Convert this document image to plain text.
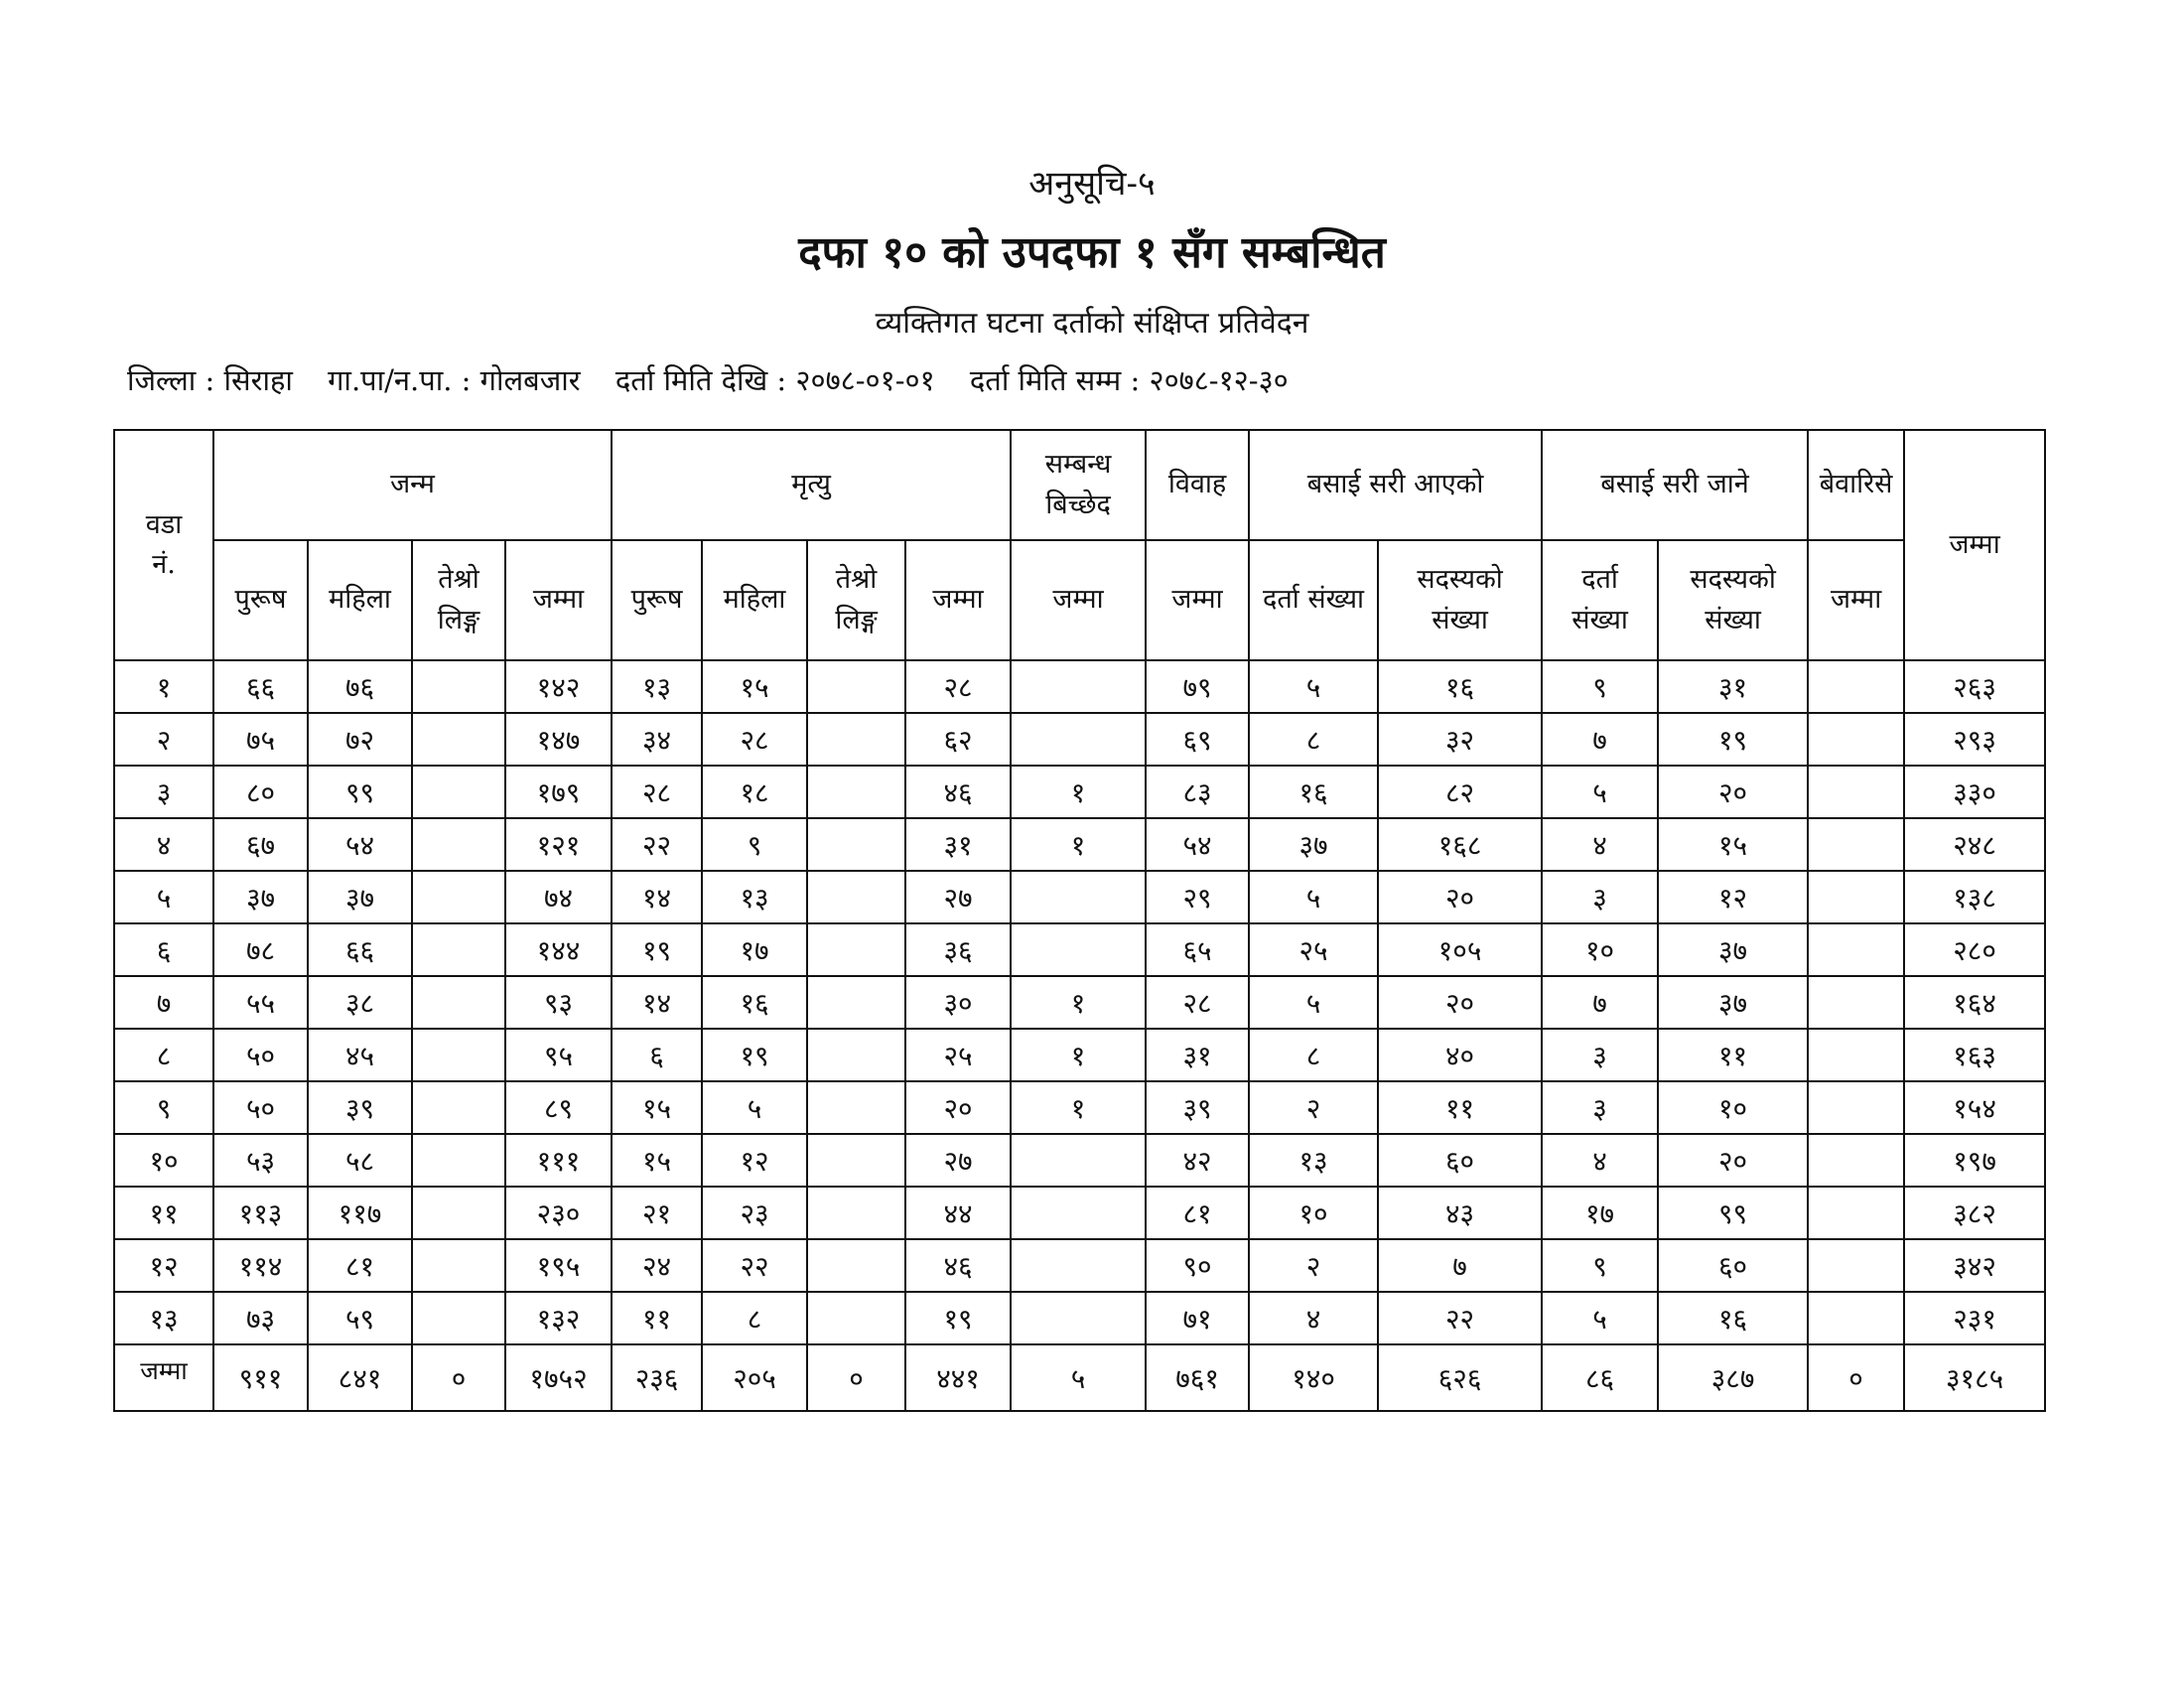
अनुसूचि-५
दफा १० को उपदफा १ सँग सम्बन्धित
व्यक्तिगत घटना दर्ताको संक्षिप्त प्रतिवेदन
जिल्ला : सिराहा गा.पा/न.पा. : गोलबजार दर्ता मिति देखि : २०७८-०१-०१ दर्ता मिति सम्म : २०७८-१२-३०
वडा नं.	जन्म				मृत्यु				सम्बन्ध बिच्छेद	विवाह	बसाई सरी आएको		बसाई सरी जाने		बेवारिसे	जम्मा
	पुरूष	महिला	तेश्रो लिङ्ग	जम्मा	पुरूष	महिला	तेश्रो लिङ्ग	जम्मा	जम्मा	जम्मा	दर्ता संख्या	सदस्यको संख्या	दर्ता संख्या	सदस्यको संख्या	जम्मा	
१	६६	७६		१४२	१३	१५		२८		७९	५	१६	९	३१		२६३
२	७५	७२		१४७	३४	२८		६२		६९	८	३२	७	१९		२९३
३	८०	९९		१७९	२८	१८		४६	१	८३	१६	८२	५	२०		३३०
४	६७	५४		१२१	२२	९		३१	१	५४	३७	१६८	४	१५		२४८
५	३७	३७		७४	१४	१३		२७		२९	५	२०	३	१२		१३८
६	७८	६६		१४४	१९	१७		३६		६५	२५	१०५	१०	३७		२८०
७	५५	३८		९३	१४	१६		३०	१	२८	५	२०	७	३७		१६४
८	५०	४५		९५	६	१९		२५	१	३१	८	४०	३	११		१६३
९	५०	३९		८९	१५	५		२०	१	३९	२	११	३	१०		१५४
१०	५३	५८		१११	१५	१२		२७		४२	१३	६०	४	२०		१९७
११	११३	११७		२३०	२१	२३		४४		८१	१०	४३	१७	९९		३८२
१२	११४	८१		१९५	२४	२२		४६		९०	२	७	९	६०		३४२
१३	७३	५९		१३२	११	८		१९		७१	४	२२	५	१६		२३१
जम्मा	९११	८४१	०	१७५२	२३६	२०५	०	४४१	५	७६१	१४०	६२६	८६	३८७	०	३१८५
